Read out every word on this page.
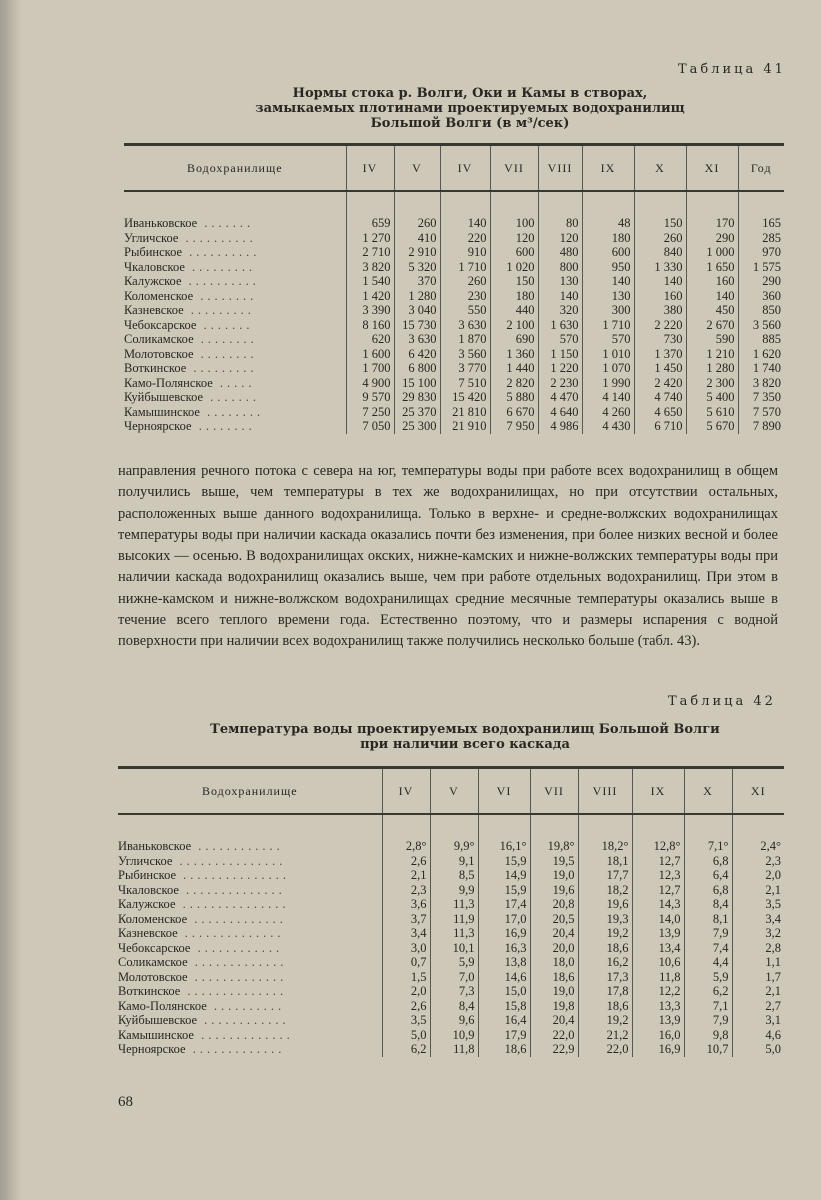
Таблица 41
Нормы стока р. Волги, Оки и Камы в створах,
замыкаемых плотинами проектируемых водохранилищ
Большой Волги (в м³/сек)
Водохранилище	IV	V	IV	VII	VIII	IX	X	XI	Год

Иваньковское .......	659	260	140	100	80	48	150	170	165
Угличское ..........	1 270	410	220	120	120	180	260	290	285
Рыбинское ..........	2 710	2 910	910	600	480	600	840	1 000	970
Чкаловское .........	3 820	5 320	1 710	1 020	800	950	1 330	1 650	1 575
Калужское ..........	1 540	370	260	150	130	140	140	160	290
Коломенское ........	1 420	1 280	230	180	140	130	160	140	360
Казневское .........	3 390	3 040	550	440	320	300	380	450	850
Чебоксарское .......	8 160	15 730	3 630	2 100	1 630	1 710	2 220	2 670	3 560
Соликамское ........	620	3 630	1 870	690	570	570	730	590	885
Молотовское ........	1 600	6 420	3 560	1 360	1 150	1 010	1 370	1 210	1 620
Воткинское .........	1 700	6 800	3 770	1 440	1 220	1 070	1 450	1 280	1 740
Камо-Полянское .....	4 900	15 100	7 510	2 820	2 230	1 990	2 420	2 300	3 820
Куйбышевское .......	9 570	29 830	15 420	5 880	4 470	4 140	4 740	5 400	7 350
Камышинское ........	7 250	25 370	21 810	6 670	4 640	4 260	4 650	5 610	7 570
Черноярское ........	7 050	25 300	21 910	7 950	4 986	4 430	6 710	5 670	7 890
направления речного потока с севера на юг, температуры воды при работе всех водохранилищ в общем получились выше, чем температуры в тех же водохранилищах, но при отсутствии остальных, расположенных выше данного водохранилища. Только в верхне- и средне-волжских водохранилищах температуры воды при наличии каскада оказались почти без изменения, при более низких весной и более высоких — осенью. В водохранилищах окских, нижне-камских и нижне-волжских температуры воды при наличии каскада водохранилищ оказались выше, чем при работе отдельных водохранилищ. При этом в нижне-камском и нижне-волжском водохранилищах средние месячные температуры оказались выше в течение всего теплого времени года. Естественно поэтому, что и размеры испарения с водной поверхности при наличии всех водохранилищ также получились несколько больше (табл. 43).
Таблица 42
Температура воды проектируемых водохранилищ Большой Волги
при наличии всего каскада
Водохранилище	IV	V	VI	VII	VIII	IX	X	XI

Иваньковское ............	2,8°	9,9°	16,1°	19,8°	18,2°	12,8°	7,1°	2,4°
Угличское ...............	2,6	9,1	15,9	19,5	18,1	12,7	6,8	2,3
Рыбинское ...............	2,1	8,5	14,9	19,0	17,7	12,3	6,4	2,0
Чкаловское ..............	2,3	9,9	15,9	19,6	18,2	12,7	6,8	2,1
Калужское ...............	3,6	11,3	17,4	20,8	19,6	14,3	8,4	3,5
Коломенское .............	3,7	11,9	17,0	20,5	19,3	14,0	8,1	3,4
Казневское ..............	3,4	11,3	16,9	20,4	19,2	13,9	7,9	3,2
Чебоксарское ............	3,0	10,1	16,3	20,0	18,6	13,4	7,4	2,8
Соликамское .............	0,7	5,9	13,8	18,0	16,2	10,6	4,4	1,1
Молотовское .............	1,5	7,0	14,6	18,6	17,3	11,8	5,9	1,7
Воткинское ..............	2,0	7,3	15,0	19,0	17,8	12,2	6,2	2,1
Камо-Полянское ..........	2,6	8,4	15,8	19,8	18,6	13,3	7,1	2,7
Куйбышевское ............	3,5	9,6	16,4	20,4	19,2	13,9	7,9	3,1
Камышинское .............	5,0	10,9	17,9	22,0	21,2	16,0	9,8	4,6
Черноярское .............	6,2	11,8	18,6	22,9	22,0	16,9	10,7	5,0
68
